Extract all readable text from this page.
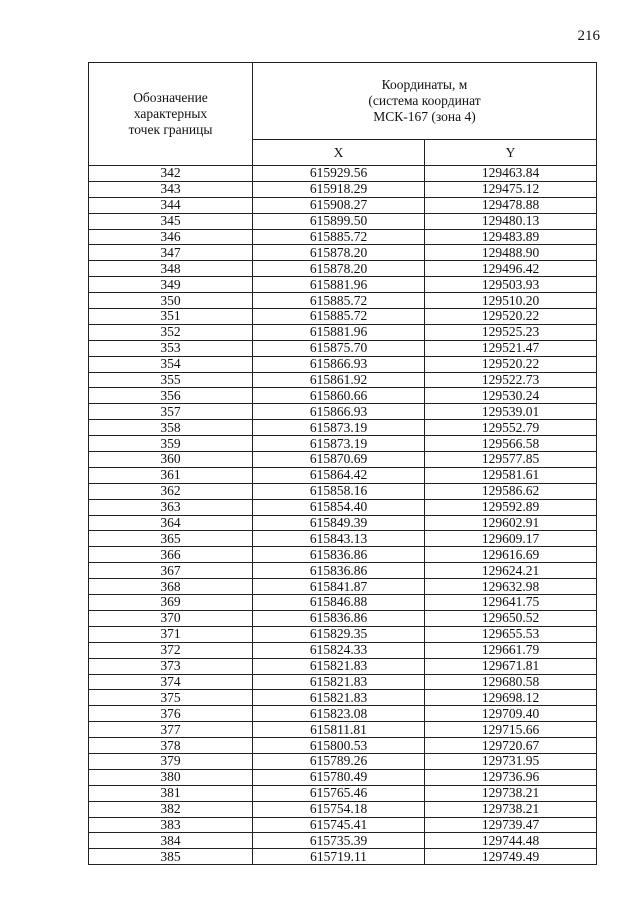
216
Обозначение
характерных
точек границы	Координаты, м
(система координат
МСК-167 (зона 4)	

	X	Y
342	615929.56	129463.84
343	615918.29	129475.12
344	615908.27	129478.88
345	615899.50	129480.13
346	615885.72	129483.89
347	615878.20	129488.90
348	615878.20	129496.42
349	615881.96	129503.93
350	615885.72	129510.20
351	615885.72	129520.22
352	615881.96	129525.23
353	615875.70	129521.47
354	615866.93	129520.22
355	615861.92	129522.73
356	615860.66	129530.24
357	615866.93	129539.01
358	615873.19	129552.79
359	615873.19	129566.58
360	615870.69	129577.85
361	615864.42	129581.61
362	615858.16	129586.62
363	615854.40	129592.89
364	615849.39	129602.91
365	615843.13	129609.17
366	615836.86	129616.69
367	615836.86	129624.21
368	615841.87	129632.98
369	615846.88	129641.75
370	615836.86	129650.52
371	615829.35	129655.53
372	615824.33	129661.79
373	615821.83	129671.81
374	615821.83	129680.58
375	615821.83	129698.12
376	615823.08	129709.40
377	615811.81	129715.66
378	615800.53	129720.67
379	615789.26	129731.95
380	615780.49	129736.96
381	615765.46	129738.21
382	615754.18	129738.21
383	615745.41	129739.47
384	615735.39	129744.48
385	615719.11	129749.49
